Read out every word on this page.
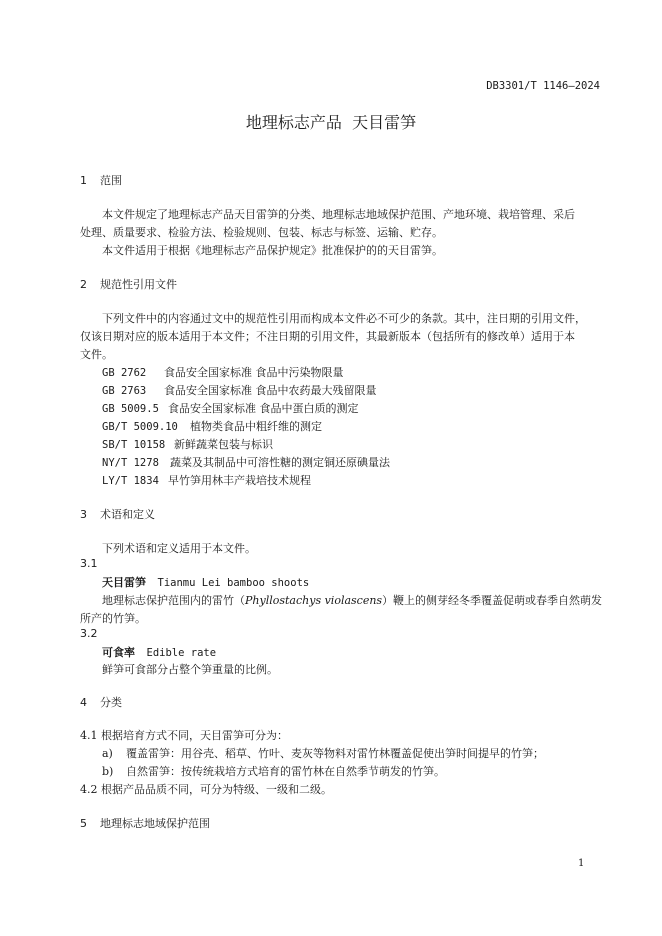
DB3301/T 1146—2024
地理标志产品  天目雷笋
1 范围
本文件规定了地理标志产品天目雷笋的分类、地理标志地域保护范围、产地环境、栽培管理、采后
处理、质量要求、检验方法、检验规则、包装、标志与标签、运输、贮存。
本文件适用于根据《地理标志产品保护规定》批准保护的的天目雷笋。
2 规范性引用文件
下列文件中的内容通过文中的规范性引用而构成本文件必不可少的条款。其中，注日期的引用文件，
仅该日期对应的版本适用于本文件；不注日期的引用文件，其最新版本（包括所有的修改单）适用于本
文件。
GB 2762 食品安全国家标准 食品中污染物限量
GB 2763 食品安全国家标准 食品中农药最大残留限量
GB 5009.5 食品安全国家标准 食品中蛋白质的测定
GB/T 5009.10 植物类食品中粗纤维的测定
SB/T 10158 新鲜蔬菜包装与标识
NY/T 1278 蔬菜及其制品中可溶性糖的测定铜还原碘量法
LY/T 1834 早竹笋用林丰产栽培技术规程
3 术语和定义
下列术语和定义适用于本文件。
3.1
天目雷笋 Tianmu Lei bamboo shoots
地理标志保护范围内的雷竹（Phyllostachys violascens）鞭上的侧芽经冬季覆盖促萌或春季自然萌发
所产的竹笋。
3.2
可食率 Edible rate
鲜笋可食部分占整个笋重量的比例。
4 分类
4.1 根据培育方式不同，天目雷笋可分为：
a) 覆盖雷笋：用谷壳、稻草、竹叶、麦灰等物料对雷竹林覆盖促使出笋时间提早的竹笋；
b) 自然雷笋：按传统栽培方式培育的雷竹林在自然季节萌发的竹笋。
4.2 根据产品品质不同，可分为特级、一级和二级。
5 地理标志地域保护范围
1
